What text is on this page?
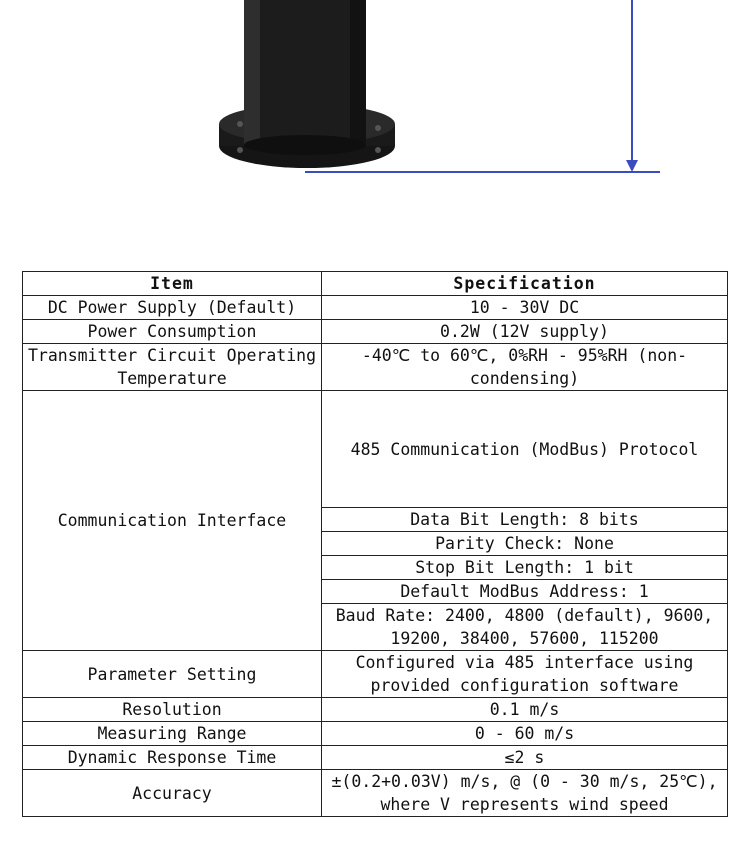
Item	Specification
DC Power Supply (Default)	10 - 30V DC
Power Consumption	0.2W (12V supply)
Transmitter Circuit Operating Temperature	-40℃ to 60℃, 0%RH - 95%RH (non-condensing)
Communication Interface	485 Communication (ModBus) Protocol
	Data Bit Length: 8 bits
	Parity Check: None
	Stop Bit Length: 1 bit
	Default ModBus Address: 1
	Baud Rate: 2400, 4800 (default), 9600, 19200, 38400, 57600, 115200
Parameter Setting	Configured via 485 interface using provided configuration software
Resolution	0.1 m/s
Measuring Range	0 - 60 m/s
Dynamic Response Time	≤2 s
Accuracy	±(0.2+0.03V) m/s, @ (0 - 30 m/s, 25℃), where V represents wind speed
